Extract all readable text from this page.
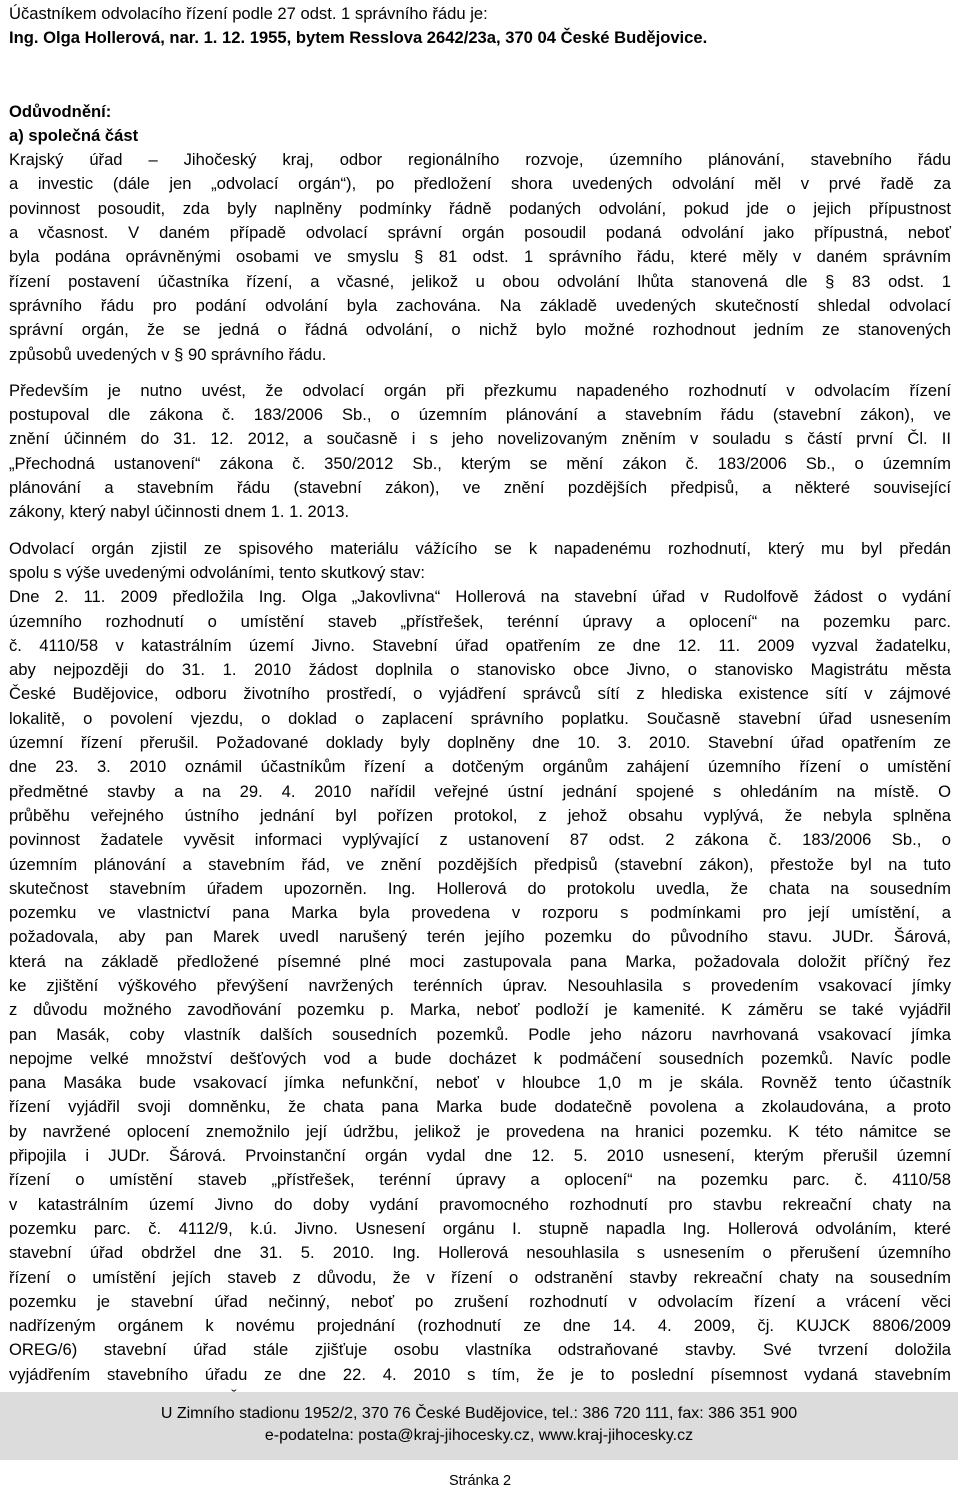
Účastníkem odvolacího řízení podle 27 odst. 1 správního řádu je:
Ing. Olga Hollerová, nar. 1. 12. 1955, bytem Resslova 2642/23a, 370 04 České Budějovice.
Odůvodnění:
a) společná část
Krajský úřad – Jihočeský kraj, odbor regionálního rozvoje, územního plánování, stavebního řádu
a investic (dále jen „odvolací orgán“), po předložení shora uvedených odvolání měl v prvé řadě za
povinnost posoudit, zda byly naplněny podmínky řádně podaných odvolání, pokud jde o jejich přípustnost
a včasnost. V daném případě odvolací správní orgán posoudil podaná odvolání jako přípustná, neboť
byla podána oprávněnými osobami ve smyslu § 81 odst. 1 správního řádu, které měly v daném správním
řízení postavení účastníka řízení, a včasné, jelikož u obou odvolání lhůta stanovená dle § 83 odst. 1
správního řádu pro podání odvolání byla zachována. Na základě uvedených skutečností shledal odvolací
správní orgán, že se jedná o řádná odvolání, o nichž bylo možné rozhodnout jedním ze stanovených
způsobů uvedených v § 90 správního řádu.
Především je nutno uvést, že odvolací orgán při přezkumu napadeného rozhodnutí v odvolacím řízení
postupoval dle zákona č. 183/2006 Sb., o územním plánování a stavebním řádu (stavební zákon), ve
znění účinném do 31. 12. 2012, a současně i s jeho novelizovaným zněním v souladu s částí první Čl. II
„Přechodná ustanovení“ zákona č. 350/2012 Sb., kterým se mění zákon č. 183/2006 Sb., o územním
plánování a stavebním řádu (stavební zákon), ve znění pozdějších předpisů, a některé související
zákony, který nabyl účinnosti dnem 1. 1. 2013.
Odvolací orgán zjistil ze spisového materiálu vážícího se k napadenému rozhodnutí, který mu byl předán
spolu s výše uvedenými odvoláními, tento skutkový stav:
Dne 2. 11. 2009 předložila Ing. Olga „Jakovlivna“ Hollerová na stavební úřad v Rudolfově žádost o vydání
územního rozhodnutí o umístění staveb „přístřešek, terénní úpravy a oplocení“ na pozemku parc.
č. 4110/58 v katastrálním území Jivno. Stavební úřad opatřením ze dne 12. 11. 2009 vyzval žadatelku,
aby nejpozději do 31. 1. 2010 žádost doplnila o stanovisko obce Jivno, o stanovisko Magistrátu města
České Budějovice, odboru životního prostředí, o vyjádření správců sítí z hlediska existence sítí v zájmové
lokalitě, o povolení vjezdu, o doklad o zaplacení správního poplatku. Současně stavební úřad usnesením
územní řízení přerušil. Požadované doklady byly doplněny dne 10. 3. 2010. Stavební úřad opatřením ze
dne 23. 3. 2010 oznámil účastníkům řízení a dotčeným orgánům zahájení územního řízení o umístění
předmětné stavby a na 29. 4. 2010 nařídil veřejné ústní jednání spojené s ohledáním na místě. O
průběhu veřejného ústního jednání byl pořízen protokol, z jehož obsahu vyplývá, že nebyla splněna
povinnost žadatele vyvěsit informaci vyplývající z ustanovení 87 odst. 2 zákona č. 183/2006 Sb., o
územním plánování a stavebním řád, ve znění pozdějších předpisů (stavební zákon), přestože byl na tuto
skutečnost stavebním úřadem upozorněn. Ing. Hollerová do protokolu uvedla, že chata na sousedním
pozemku ve vlastnictví pana Marka byla provedena v rozporu s podmínkami pro její umístění, a
požadovala, aby pan Marek uvedl narušený terén jejího pozemku do původního stavu. JUDr. Šárová,
která na základě předložené písemné plné moci zastupovala pana Marka, požadovala doložit příčný řez
ke zjištění výškového převýšení navržených terénních úprav. Nesouhlasila s provedením vsakovací jímky
z důvodu možného zavodňování pozemku p. Marka, neboť podloží je kamenité. K záměru se také vyjádřil
pan Masák, coby vlastník dalších sousedních pozemků. Podle jeho názoru navrhovaná vsakovací jímka
nepojme velké množství dešťových vod a bude docházet k podmáčení sousedních pozemků. Navíc podle
pana Masáka bude vsakovací jímka nefunkční, neboť v hloubce 1,0 m je skála. Rovněž tento účastník
řízení vyjádřil svoji domněnku, že chata pana Marka bude dodatečně povolena a zkolaudována, a proto
by navržené oplocení znemožnilo její údržbu, jelikož je provedena na hranici pozemku. K této námitce se
připojila i JUDr. Šárová. Prvoinstanční orgán vydal dne 12. 5. 2010 usnesení, kterým přerušil územní
řízení o umístění staveb „přístřešek, terénní úpravy a oplocení“ na pozemku parc. č. 4110/58
v katastrálním území Jivno do doby vydání pravomocného rozhodnutí pro stavbu rekreační chaty na
pozemku parc. č. 4112/9, k.ú. Jivno. Usnesení orgánu I. stupně napadla Ing. Hollerová odvoláním, které
stavební úřad obdržel dne 31. 5. 2010. Ing. Hollerová nesouhlasila s usnesením o přerušení územního
řízení o umístění jejích staveb z důvodu, že v řízení o odstranění stavby rekreační chaty na sousedním
pozemku je stavební úřad nečinný, neboť po zrušení rozhodnutí v odvolacím řízení a vrácení věci
nadřízeným orgánem k novému projednání (rozhodnutí ze dne 14. 4. 2009, čj. KUJCK 8806/2009
OREG/6) stavební úřad stále zjišťuje osobu vlastníka odstraňované stavby. Své tvrzení doložila
vyjádřením stavebního úřadu ze dne 22. 4. 2010 s tím, že je to poslední písemnost vydaná stavebním
U Zimního stadionu 1952/2, 370 76 České Budějovice, tel.: 386 720 111, fax: 386 351 900
e-podatelna: posta@kraj-jihocesky.cz, www.kraj-jihocesky.cz
Stránka 2
